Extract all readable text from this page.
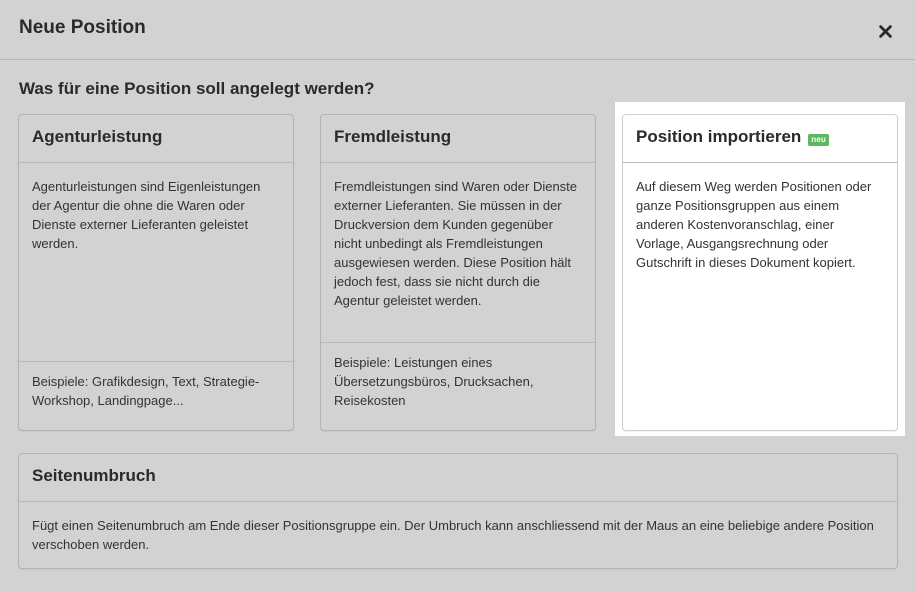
Neue Position
Was für eine Position soll angelegt werden?
Agenturleistung
Agenturleistungen sind Eigenleistungen der Agentur die ohne die Waren oder Dienste externer Lieferanten geleistet werden.
Beispiele: Grafikdesign, Text, Strategie-Workshop, Landingpage...
Fremdleistung
Fremdleistungen sind Waren oder Dienste externer Lieferanten. Sie müssen in der Druckversion dem Kunden gegenüber nicht unbedingt als Fremdleistungen ausgewiesen werden. Diese Position hält jedoch fest, dass sie nicht durch die Agentur geleistet werden.
Beispiele: Leistungen eines Übersetzungsbüros, Drucksachen, Reisekosten
Position importieren	neu
Auf diesem Weg werden Positionen oder ganze Positionsgruppen aus einem anderen Kostenvoranschlag, einer Vorlage, Ausgangsrechnung oder Gutschrift in dieses Dokument kopiert.
Seitenumbruch
Fügt einen Seitenumbruch am Ende dieser Positionsgruppe ein. Der Umbruch kann anschliessend mit der Maus an eine beliebige andere Position verschoben werden.
